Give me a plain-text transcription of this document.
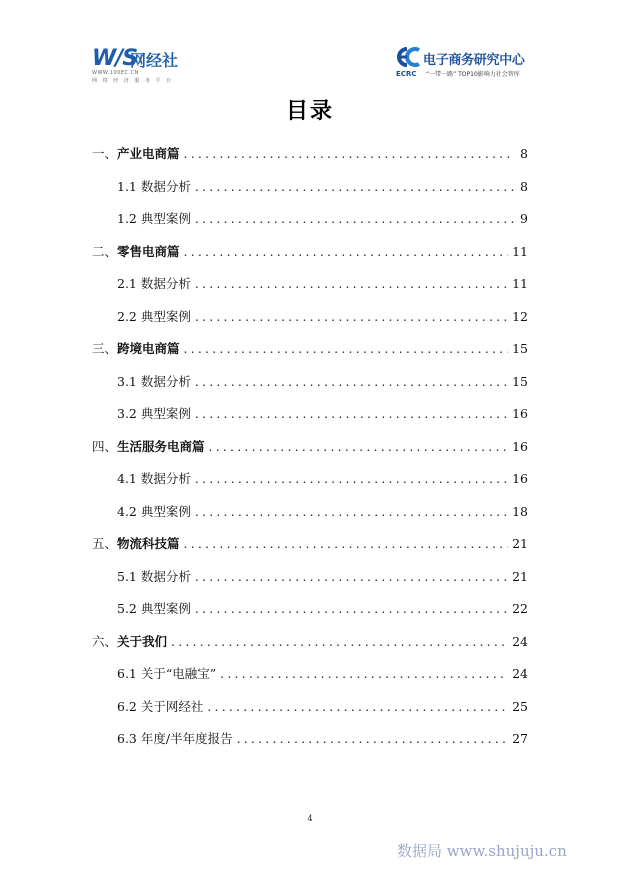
W/S
网经社
WWW.100EC.CN
网 络 经 济 服 务 平 台
ECRC
电子商务研究中心
“一带一路” TOP10影响力社会智库
目录
一、产业电商篇 .....	8
1.1 数据分析 .....	8
1.2 典型案例 .....	9
二、零售电商篇 .....	11
2.1 数据分析 .....	11
2.2 典型案例 .....	12
三、跨境电商篇 .....	15
3.1 数据分析 .....	15
3.2 典型案例 .....	16
四、生活服务电商篇 .....	16
4.1 数据分析 .....	16
4.2 典型案例 .....	18
五、物流科技篇 .....	21
5.1 数据分析 .....	21
5.2 典型案例 .....	22
六、关于我们 .....	24
6.1 关于“电融宝” .....	24
6.2 关于网经社 .....	25
6.3 年度/半年度报告 .....	27
4
数据局 www.shujuju.cn
